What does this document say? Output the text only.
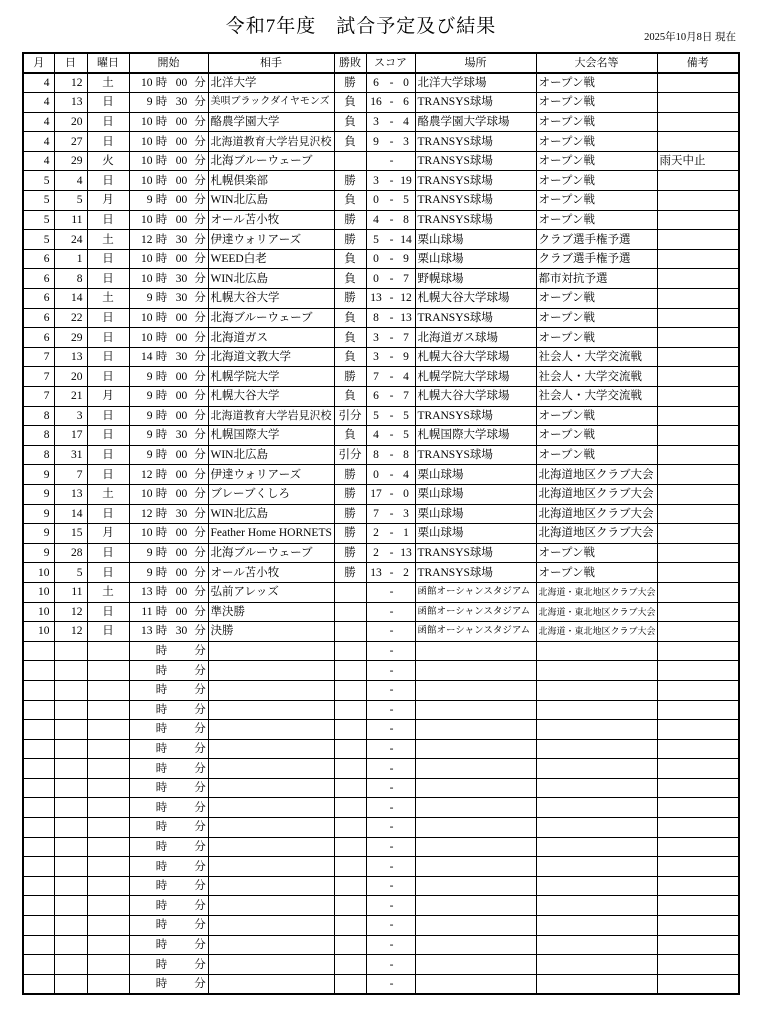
令和7年度　試合予定及び結果
2025年10月8日 現在
月	日	曜日	開始	相手	勝敗	スコア	場所	大会名等	備考
4	12	土	10 時 00 分	北洋大学	勝	6 - 0	北洋大学球場	オープン戦	

4	13	日	9 時 30 分	美唄ブラックダイヤモンズ	負	16 - 6	TRANSYS球場	オープン戦	

4	20	日	10 時 00 分	酪農学園大学	負	3 - 4	酪農学園大学球場	オープン戦	

4	27	日	10 時 00 分	北海道教育大学岩見沢校	負	9 - 3	TRANSYS球場	オープン戦	

4	29	火	10 時 00 分	北海ブルーウェーブ		-	TRANSYS球場	オープン戦	雨天中止

5	4	日	10 時 00 分	札幌倶楽部	勝	3 - 19	TRANSYS球場	オープン戦	

5	5	月	9 時 00 分	WIN北広島	負	0 - 5	TRANSYS球場	オープン戦	

5	11	日	10 時 00 分	オール苫小牧	勝	4 - 8	TRANSYS球場	オープン戦	

5	24	土	12 時 30 分	伊達ウォリアーズ	勝	5 - 14	栗山球場	クラブ選手権予選	

6	1	日	10 時 00 分	WEED白老	負	0 - 9	栗山球場	クラブ選手権予選	

6	8	日	10 時 30 分	WIN北広島	負	0 - 7	野幌球場	都市対抗予選	

6	14	土	9 時 30 分	札幌大谷大学	勝	13 - 12	札幌大谷大学球場	オープン戦	

6	22	日	10 時 00 分	北海ブルーウェーブ	負	8 - 13	TRANSYS球場	オープン戦	

6	29	日	10 時 00 分	北海道ガス	負	3 - 7	北海道ガス球場	オープン戦	

7	13	日	14 時 30 分	北海道文教大学	負	3 - 9	札幌大谷大学球場	社会人・大学交流戦	

7	20	日	9 時 00 分	札幌学院大学	勝	7 - 4	札幌学院大学球場	社会人・大学交流戦	

7	21	月	9 時 00 分	札幌大谷大学	負	6 - 7	札幌大谷大学球場	社会人・大学交流戦	

8	3	日	9 時 00 分	北海道教育大学岩見沢校	引分	5 - 5	TRANSYS球場	オープン戦	

8	17	日	9 時 30 分	札幌国際大学	負	4 - 5	札幌国際大学球場	オープン戦	

8	31	日	9 時 00 分	WIN北広島	引分	8 - 8	TRANSYS球場	オープン戦	

9	7	日	12 時 00 分	伊達ウォリアーズ	勝	0 - 4	栗山球場	北海道地区クラブ大会	

9	13	土	10 時 00 分	ブレーブくしろ	勝	17 - 0	栗山球場	北海道地区クラブ大会	

9	14	日	12 時 30 分	WIN北広島	勝	7 - 3	栗山球場	北海道地区クラブ大会	

9	15	月	10 時 00 分	Feather Home HORNETS	勝	2 - 1	栗山球場	北海道地区クラブ大会	

9	28	日	9 時 00 分	北海ブルーウェーブ	勝	2 - 13	TRANSYS球場	オープン戦	

10	5	日	9 時 00 分	オール苫小牧	勝	13 - 2	TRANSYS球場	オープン戦	

10	11	土	13 時 00 分	弘前アレッズ		-	函館オーシャンスタジアム	北海道・東北地区クラブ大会	

10	12	日	11 時 00 分	準決勝		-	函館オーシャンスタジアム	北海道・東北地区クラブ大会	

10	12	日	13 時 30 分	決勝		-	函館オーシャンスタジアム	北海道・東北地区クラブ大会	

			時 分			-			

			時 分			-			

			時 分			-			

			時 分			-			

			時 分			-			

			時 分			-			

			時 分			-			

			時 分			-			

			時 分			-			

			時 分			-			

			時 分			-			

			時 分			-			

			時 分			-			

			時 分			-			

			時 分			-			

			時 分			-			

			時 分			-			

			時 分			-			
